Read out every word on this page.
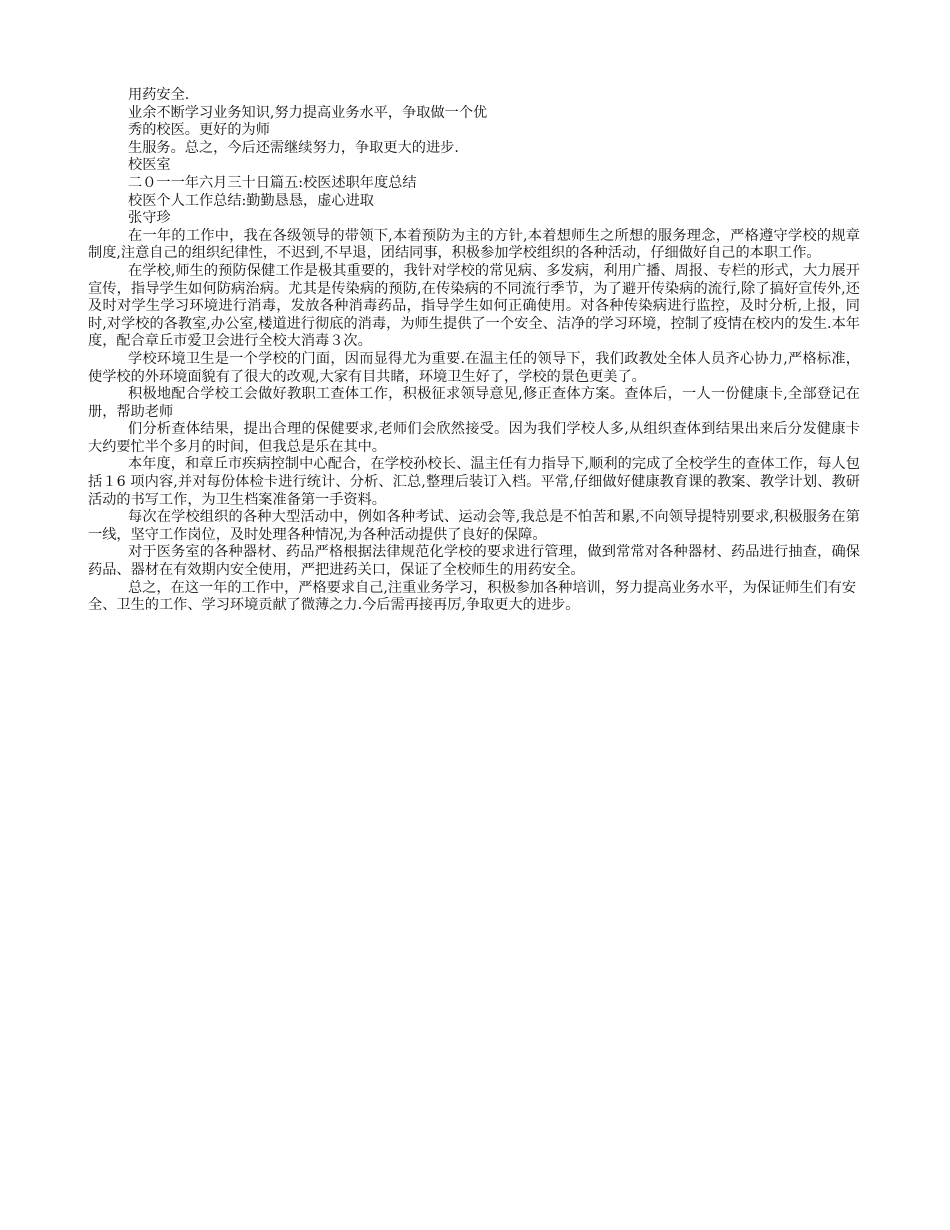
用药安全.
业余不断学习业务知识,努力提高业务水平，争取做一个优
秀的校医。更好的为师
生服务。总之，今后还需继续努力，争取更大的进步.
校医室
二０一一年六月三十日篇五:校医述职年度总结
校医个人工作总结:勤勤恳恳，虚心进取
张守珍

在一年的工作中，我在各级领导的带领下,本着预防为主的方针,本着想师生之所想的服务理念，严格遵守学校的规章制度,注意自己的组织纪律性，不迟到,不早退，团结同事，积极参加学校组织的各种活动，仔细做好自己的本职工作。

在学校,师生的预防保健工作是极其重要的，我针对学校的常见病、多发病，利用广播、周报、专栏的形式，大力展开宣传，指导学生如何防病治病。尤其是传染病的预防,在传染病的不同流行季节，为了避开传染病的流行,除了搞好宣传外,还及时对学生学习环境进行消毒，发放各种消毒药品，指导学生如何正确使用。对各种传染病进行监控，及时分析,上报，同时,对学校的各教室,办公室,楼道进行彻底的消毒，为师生提供了一个安全、洁净的学习环境，控制了疫情在校内的发生.本年度，配合章丘市爱卫会进行全校大消毒３次。

学校环境卫生是一个学校的门面，因而显得尤为重要.在温主任的领导下，我们政教处全体人员齐心协力,严格标准，使学校的外环境面貌有了很大的改观,大家有目共睹，环境卫生好了，学校的景色更美了。

积极地配合学校工会做好教职工查体工作，积极征求领导意见,修正查体方案。查体后，一人一份健康卡,全部登记在册，帮助老师

们分析查体结果，提出合理的保健要求,老师们会欣然接受。因为我们学校人多,从组织查体到结果出来后分发健康卡大约要忙半个多月的时间，但我总是乐在其中。

本年度，和章丘市疾病控制中心配合，在学校孙校长、温主任有力指导下,顺利的完成了全校学生的查体工作，每人包括１6 项内容,并对每份体检卡进行统计、分析、汇总,整理后装订入档。平常,仔细做好健康教育课的教案、教学计划、教研活动的书写工作，为卫生档案准备第一手资料。

每次在学校组织的各种大型活动中，例如各种考试、运动会等,我总是不怕苦和累,不向领导提特别要求,积极服务在第一线，坚守工作岗位，及时处理各种情况,为各种活动提供了良好的保障。

对于医务室的各种器材、药品严格根据法律规范化学校的要求进行管理，做到常常对各种器材、药品进行抽查，确保药品、器材在有效期内安全使用，严把进药关口，保证了全校师生的用药安全。

总之，在这一年的工作中，严格要求自己,注重业务学习，积极参加各种培训，努力提高业务水平，为保证师生们有安全、卫生的工作、学习环境贡献了微薄之力.今后需再接再厉,争取更大的进步。
